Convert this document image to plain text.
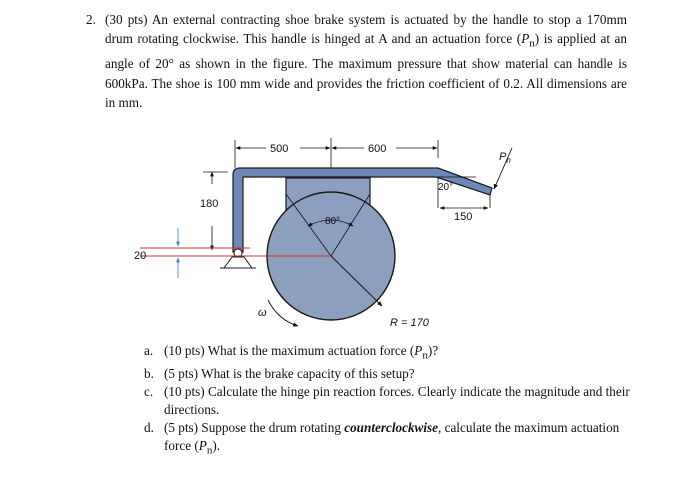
2. (30 pts) An external contracting shoe brake system is actuated by the handle to stop a 170mm drum rotating clockwise. This handle is hinged at A and an actuation force $(P_n)$ is applied at an angle of 20° as shown in the figure. The maximum pressure that show material can handle is 600kPa. The shoe is 100 mm wide and provides the friction coefficient of 0.2. All dimensions are in mm.
500	600
80°
R = 170
20°
150
$P_n$
180
20
ω
a. (10 pts) What is the maximum actuation force $(P_n)$?
b. (5 pts) What is the brake capacity of this setup?
c. (10 pts) Calculate the hinge pin reaction forces. Clearly indicate the magnitude and their directions.
d. (5 pts) Suppose the drum rotating counterclockwise, calculate the maximum actuation force $(P_n)$.
